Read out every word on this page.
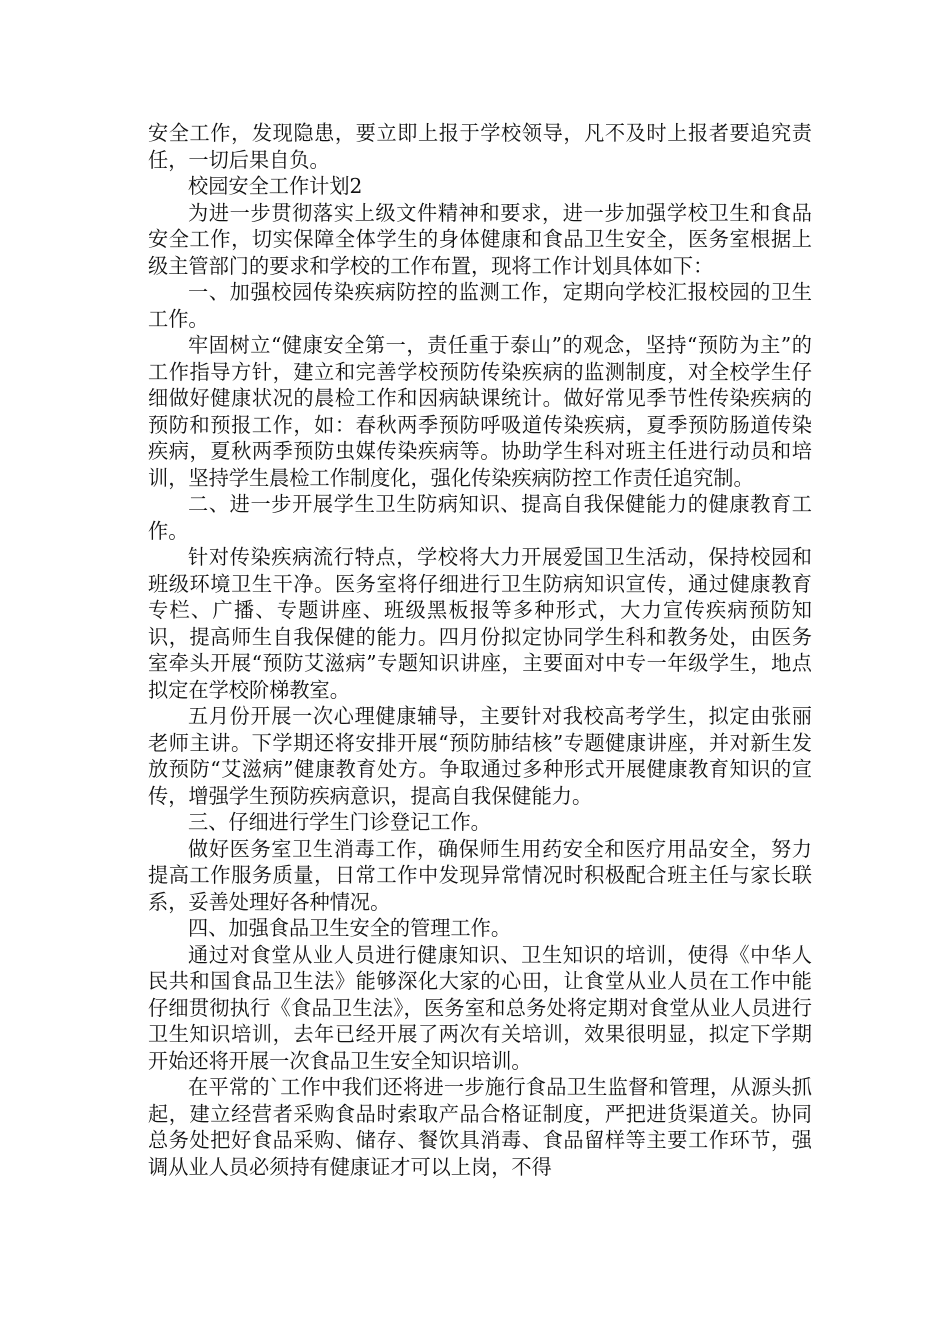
安全工作，发现隐患，要立即上报于学校领导，凡不及时上报者要追究责任，一切后果自负。

校园安全工作计划2

为进一步贯彻落实上级文件精神和要求，进一步加强学校卫生和食品安全工作，切实保障全体学生的身体健康和食品卫生安全，医务室根据上级主管部门的要求和学校的工作布置，现将工作计划具体如下：

一、加强校园传染疾病防控的监测工作，定期向学校汇报校园的卫生工作。

牢固树立“健康安全第一，责任重于泰山”的观念，坚持“预防为主”的工作指导方针，建立和完善学校预防传染疾病的监测制度，对全校学生仔细做好健康状况的晨检工作和因病缺课统计。做好常见季节性传染疾病的预防和预报工作，如：春秋两季预防呼吸道传染疾病，夏季预防肠道传染疾病，夏秋两季预防虫媒传染疾病等。协助学生科对班主任进行动员和培训，坚持学生晨检工作制度化，强化传染疾病防控工作责任追究制。

二、进一步开展学生卫生防病知识、提高自我保健能力的健康教育工作。

针对传染疾病流行特点，学校将大力开展爱国卫生活动，保持校园和班级环境卫生干净。医务室将仔细进行卫生防病知识宣传，通过健康教育专栏、广播、专题讲座、班级黑板报等多种形式，大力宣传疾病预防知识，提高师生自我保健的能力。四月份拟定协同学生科和教务处，由医务室牵头开展“预防艾滋病”专题知识讲座，主要面对中专一年级学生，地点拟定在学校阶梯教室。

五月份开展一次心理健康辅导，主要针对我校高考学生，拟定由张丽老师主讲。下学期还将安排开展“预防肺结核”专题健康讲座，并对新生发放预防“艾滋病”健康教育处方。争取通过多种形式开展健康教育知识的宣传，增强学生预防疾病意识，提高自我保健能力。

三、仔细进行学生门诊登记工作。

做好医务室卫生消毒工作，确保师生用药安全和医疗用品安全，努力提高工作服务质量，日常工作中发现异常情况时积极配合班主任与家长联系，妥善处理好各种情况。

四、加强食品卫生安全的管理工作。

通过对食堂从业人员进行健康知识、卫生知识的培训，使得《中华人民共和国食品卫生法》能够深化大家的心田，让食堂从业人员在工作中能仔细贯彻执行《食品卫生法》，医务室和总务处将定期对食堂从业人员进行卫生知识培训，去年已经开展了两次有关培训，效果很明显，拟定下学期开始还将开展一次食品卫生安全知识培训。

在平常的`工作中我们还将进一步施行食品卫生监督和管理，从源头抓起，建立经营者采购食品时索取产品合格证制度，严把进货渠道关。协同总务处把好食品采购、储存、餐饮具消毒、食品留样等主要工作环节，强调从业人员必须持有健康证才可以上岗，不得
